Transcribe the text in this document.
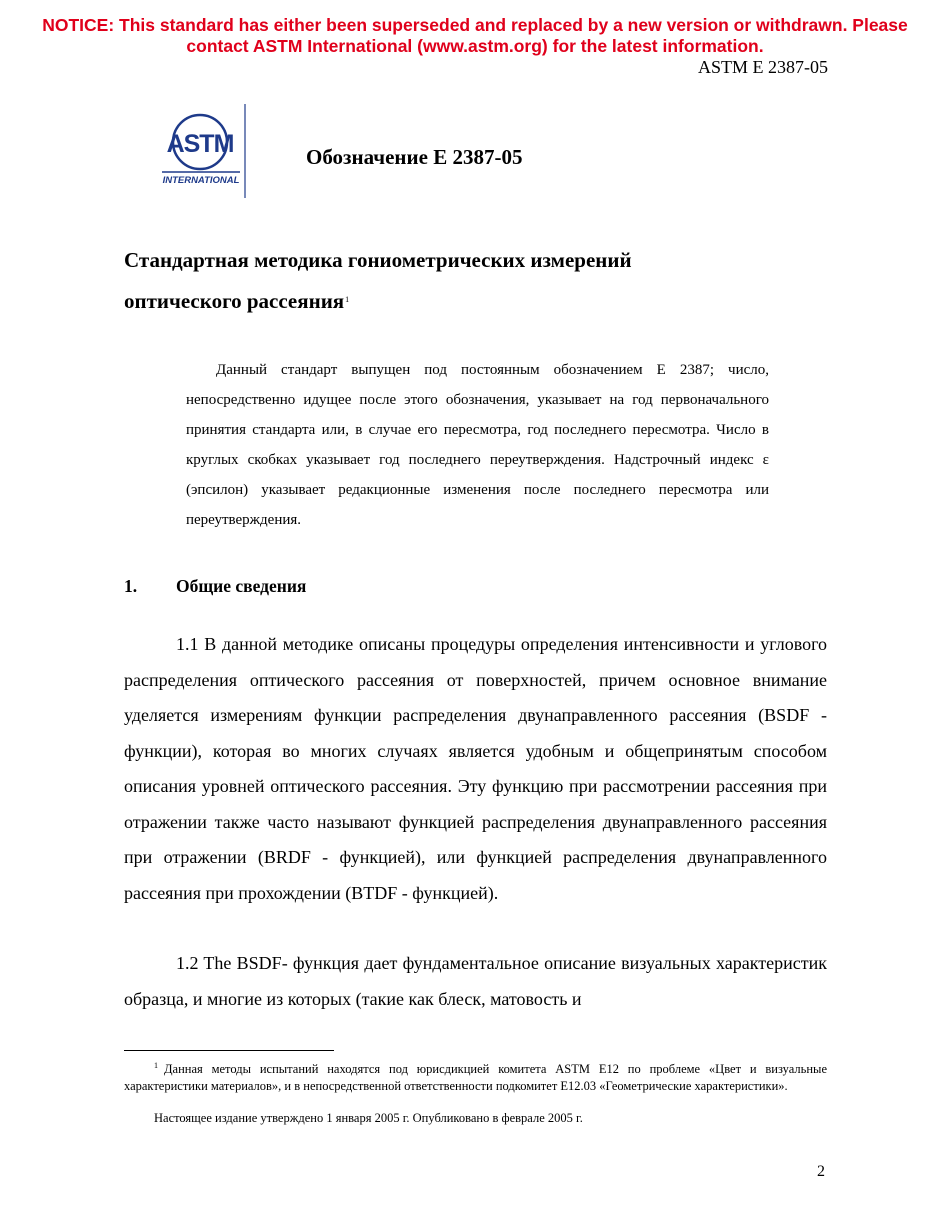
NOTICE: This standard has either been superseded and replaced by a new version or withdrawn. Please
contact ASTM International (www.astm.org) for the latest information.
ASTM E 2387-05
ASTM
INTERNATIONAL
Обозначение Е 2387-05
Стандартная методика гониометрических измерений
оптического рассеяния$^1$

Данный стандарт выпущен под постоянным обозначением Е 2387; число, непосредственно идущее после этого обозначения, указывает на год первоначального принятия стандарта или, в случае его пересмотра, год последнего пересмотра. Число в круглых скобках указывает год последнего переутверждения. Надстрочный индекс ε (эпсилон) указывает редакционные изменения после последнего пересмотра или переутверждения.

1. Общие сведения

1.1 В данной методике описаны процедуры определения интенсивности и углового распределения оптического рассеяния от поверхностей, причем основное внимание уделяется измерениям функции распределения двунаправленного рассеяния (BSDF - функции), которая во многих случаях является удобным и общепринятым способом описания уровней оптического рассеяния. Эту функцию при рассмотрении рассеяния при отражении также часто называют функцией распределения двунаправленного рассеяния при отражении (BRDF - функцией), или функцией распределения двунаправленного рассеяния при прохождении (BTDF - функцией).

1.2 The BSDF- функция дает фундаментальное описание визуальных характеристик образца, и многие из которых (такие как блеск, матовость и

$^1$ Данная методы испытаний находятся под юрисдикцией комитета ASTM E12 по проблеме «Цвет и визуальные характеристики материалов», и в непосредственной ответственности подкомитет E12.03 «Геометрические характеристики».

Настоящее издание утверждено 1 января 2005 г. Опубликовано в феврале 2005 г.

2
